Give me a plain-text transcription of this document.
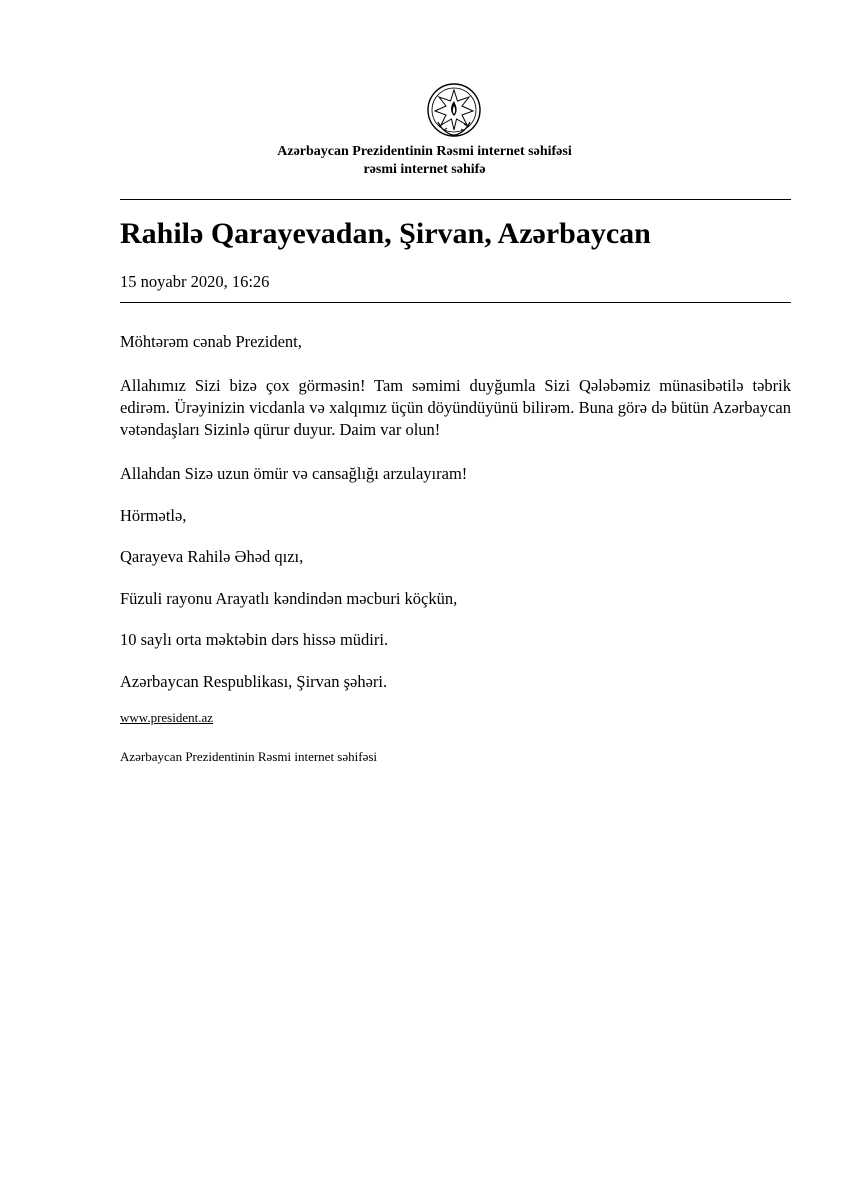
Azərbaycan Prezidentinin Rəsmi internet səhifəsi
rəsmi internet səhifə
Rahilə Qarayevadan, Şirvan, Azərbaycan
15 noyabr 2020, 16:26

Möhtərəm cənab Prezident,

Allahımız Sizi bizə çox görməsin! Tam səmimi duyğumla Sizi Qələbəmiz münasibətilə təbrik edirəm. Ürəyinizin vicdanla və xalqımız üçün döyündüyünü bilirəm. Buna görə də bütün Azərbaycan vətəndaşları Sizinlə qürur duyur. Daim var olun!

Allahdan Sizə uzun ömür və cansağlığı arzulayıram!

Hörmətlə,

Qarayeva Rahilə Əhəd qızı,

Füzuli rayonu Arayatlı kəndindən məcburi köçkün,

10 saylı orta məktəbin dərs hissə müdiri.

Azərbaycan Respublikası, Şirvan şəhəri.

www.president.az
Azərbaycan Prezidentinin Rəsmi internet səhifəsi
